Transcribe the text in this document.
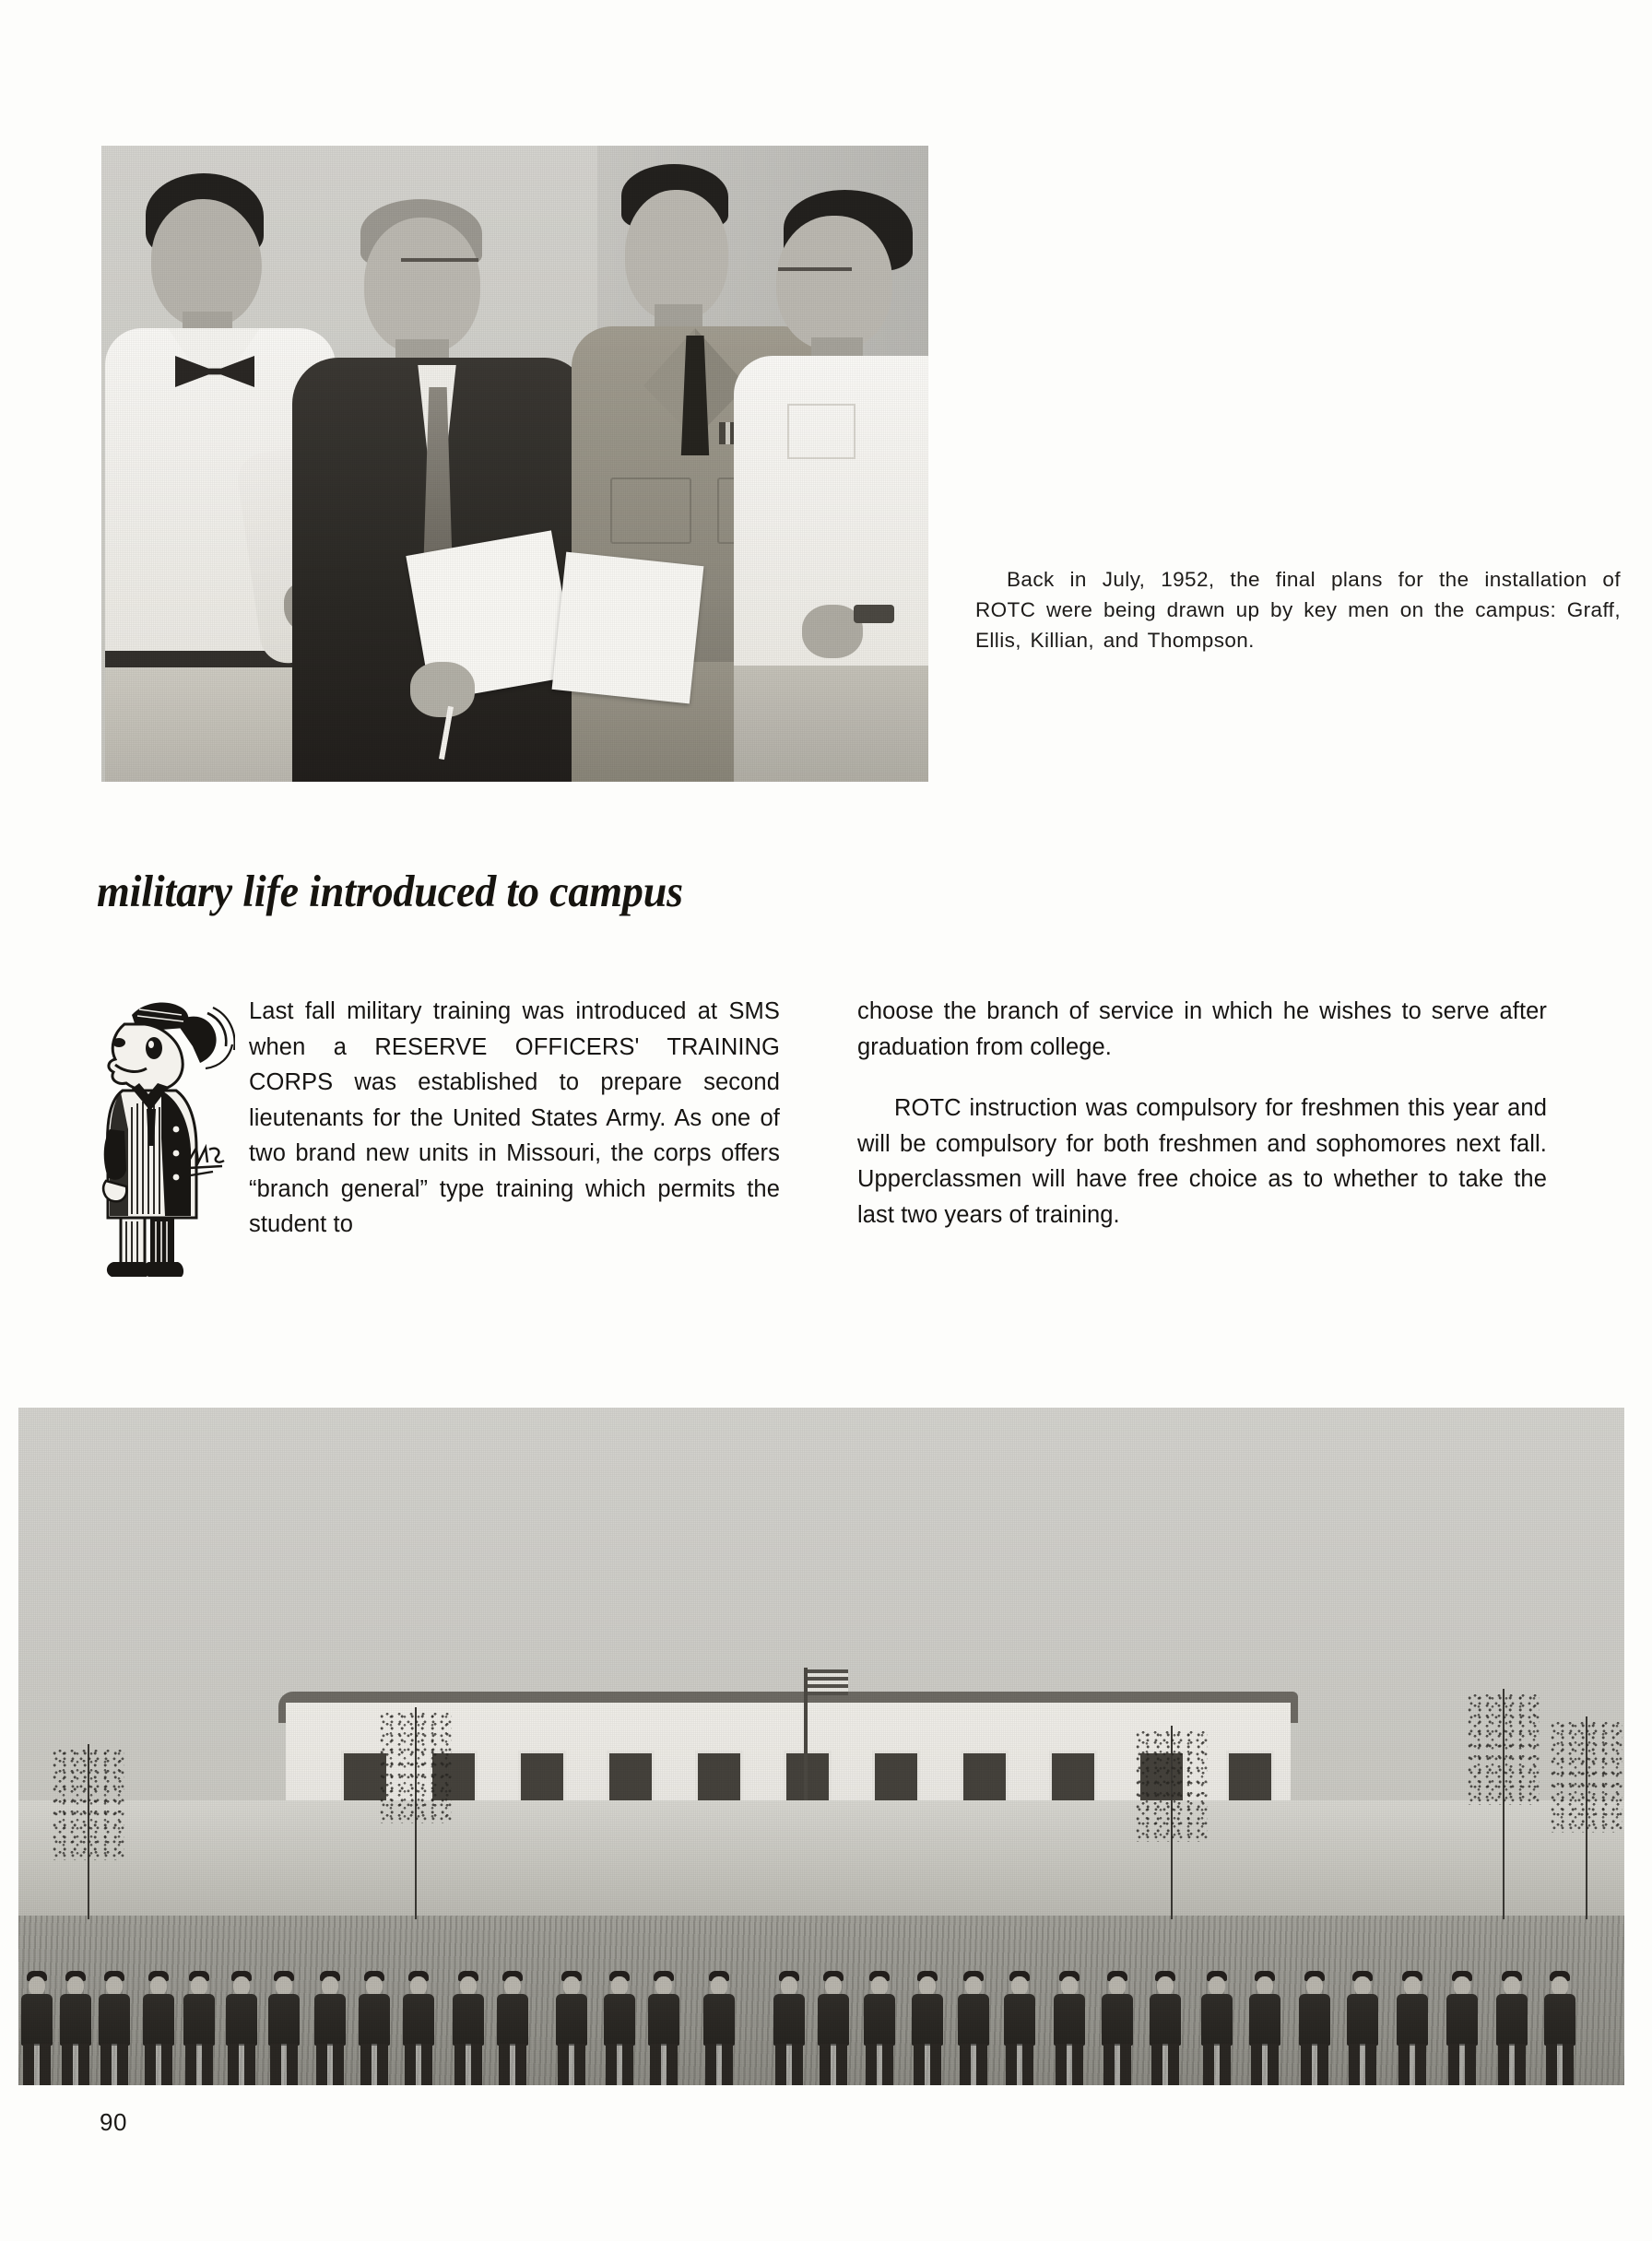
Back in July, 1952, the final plans for the installation of ROTC were being drawn up by key men on the campus: Graff, Ellis, Killian, and Thompson.

military life introduced to campus

Last fall military training was introduced at SMS when a RESERVE OFFICERS' TRAINING CORPS was established to prepare second lieutenants for the United States Army. As one of two brand new units in Missouri, the corps offers “branch general” type training which permits the student to

choose the branch of service in which he wishes to serve after graduation from college.

ROTC instruction was compulsory for freshmen this year and will be compulsory for both freshmen and sophomores next fall. Upperclassmen will have free choice as to whether to take the last two years of training.

90
